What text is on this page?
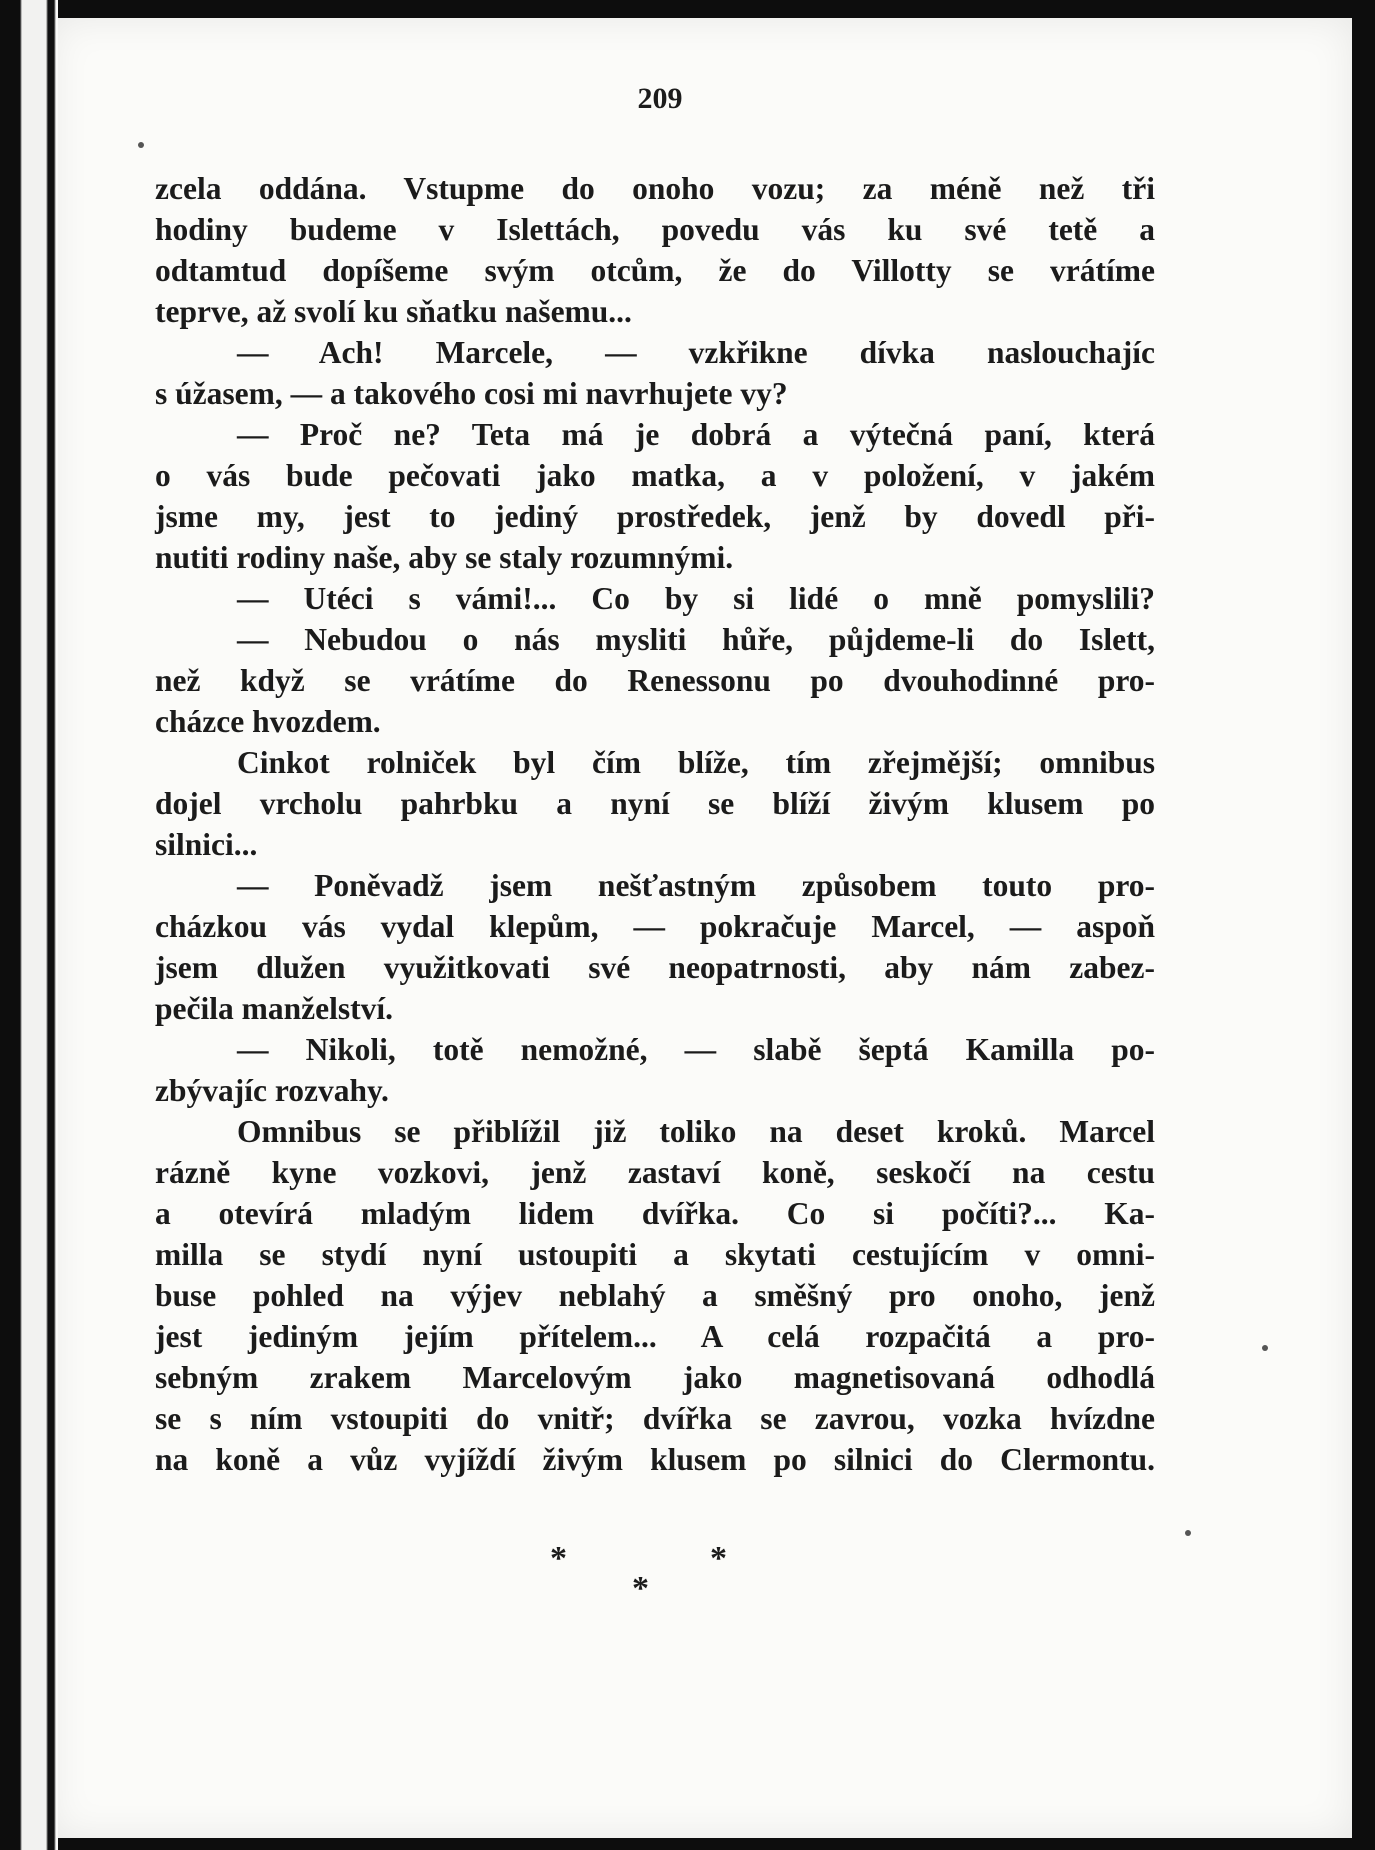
209
zcela oddána. Vstupme do onoho vozu; za méně než tři
hodiny budeme v Islettách, povedu vás ku své tetě a
odtamtud dopíšeme svým otcům, že do Villotty se vrátíme
teprve, až svolí ku sňatku našemu...
— Ach! Marcele, — vzkřikne dívka naslouchajíc
s úžasem, — a takového cosi mi navrhujete vy?
— Proč ne? Teta má je dobrá a výtečná paní, která
o vás bude pečovati jako matka, a v položení, v jakém
jsme my, jest to jediný prostředek, jenž by dovedl při-
nutiti rodiny naše, aby se staly rozumnými.
— Utéci s vámi!... Co by si lidé o mně pomyslili?
— Nebudou o nás mysliti hůře, půjdeme-li do Islett,
než když se vrátíme do Renessonu po dvouhodinné pro-
cházce hvozdem.
Cinkot rolniček byl čím blíže, tím zřejmější; omnibus
dojel vrcholu pahrbku a nyní se blíží živým klusem po
silnici...
— Poněvadž jsem nešťastným způsobem touto pro-
cházkou vás vydal klepům, — pokračuje Marcel, — aspoň
jsem dlužen využitkovati své neopatrnosti, aby nám zabez-
pečila manželství.
— Nikoli, totě nemožné, — slabě šeptá Kamilla po-
zbývajíc rozvahy.
Omnibus se přiblížil již toliko na deset kroků. Marcel
rázně kyne vozkovi, jenž zastaví koně, seskočí na cestu
a otevírá mladým lidem dvířka. Co si počíti?... Ka-
milla se stydí nyní ustoupiti a skytati cestujícím v omni-
buse pohled na výjev neblahý a směšný pro onoho, jenž
jest jediným jejím přítelem... A celá rozpačitá a pro-
sebným zrakem Marcelovým jako magnetisovaná odhodlá
se s ním vstoupiti do vnitř; dvířka se zavrou, vozka hvízdne
na koně a vůz vyjíždí živým klusem po silnici do Clermontu.
*	*
*
